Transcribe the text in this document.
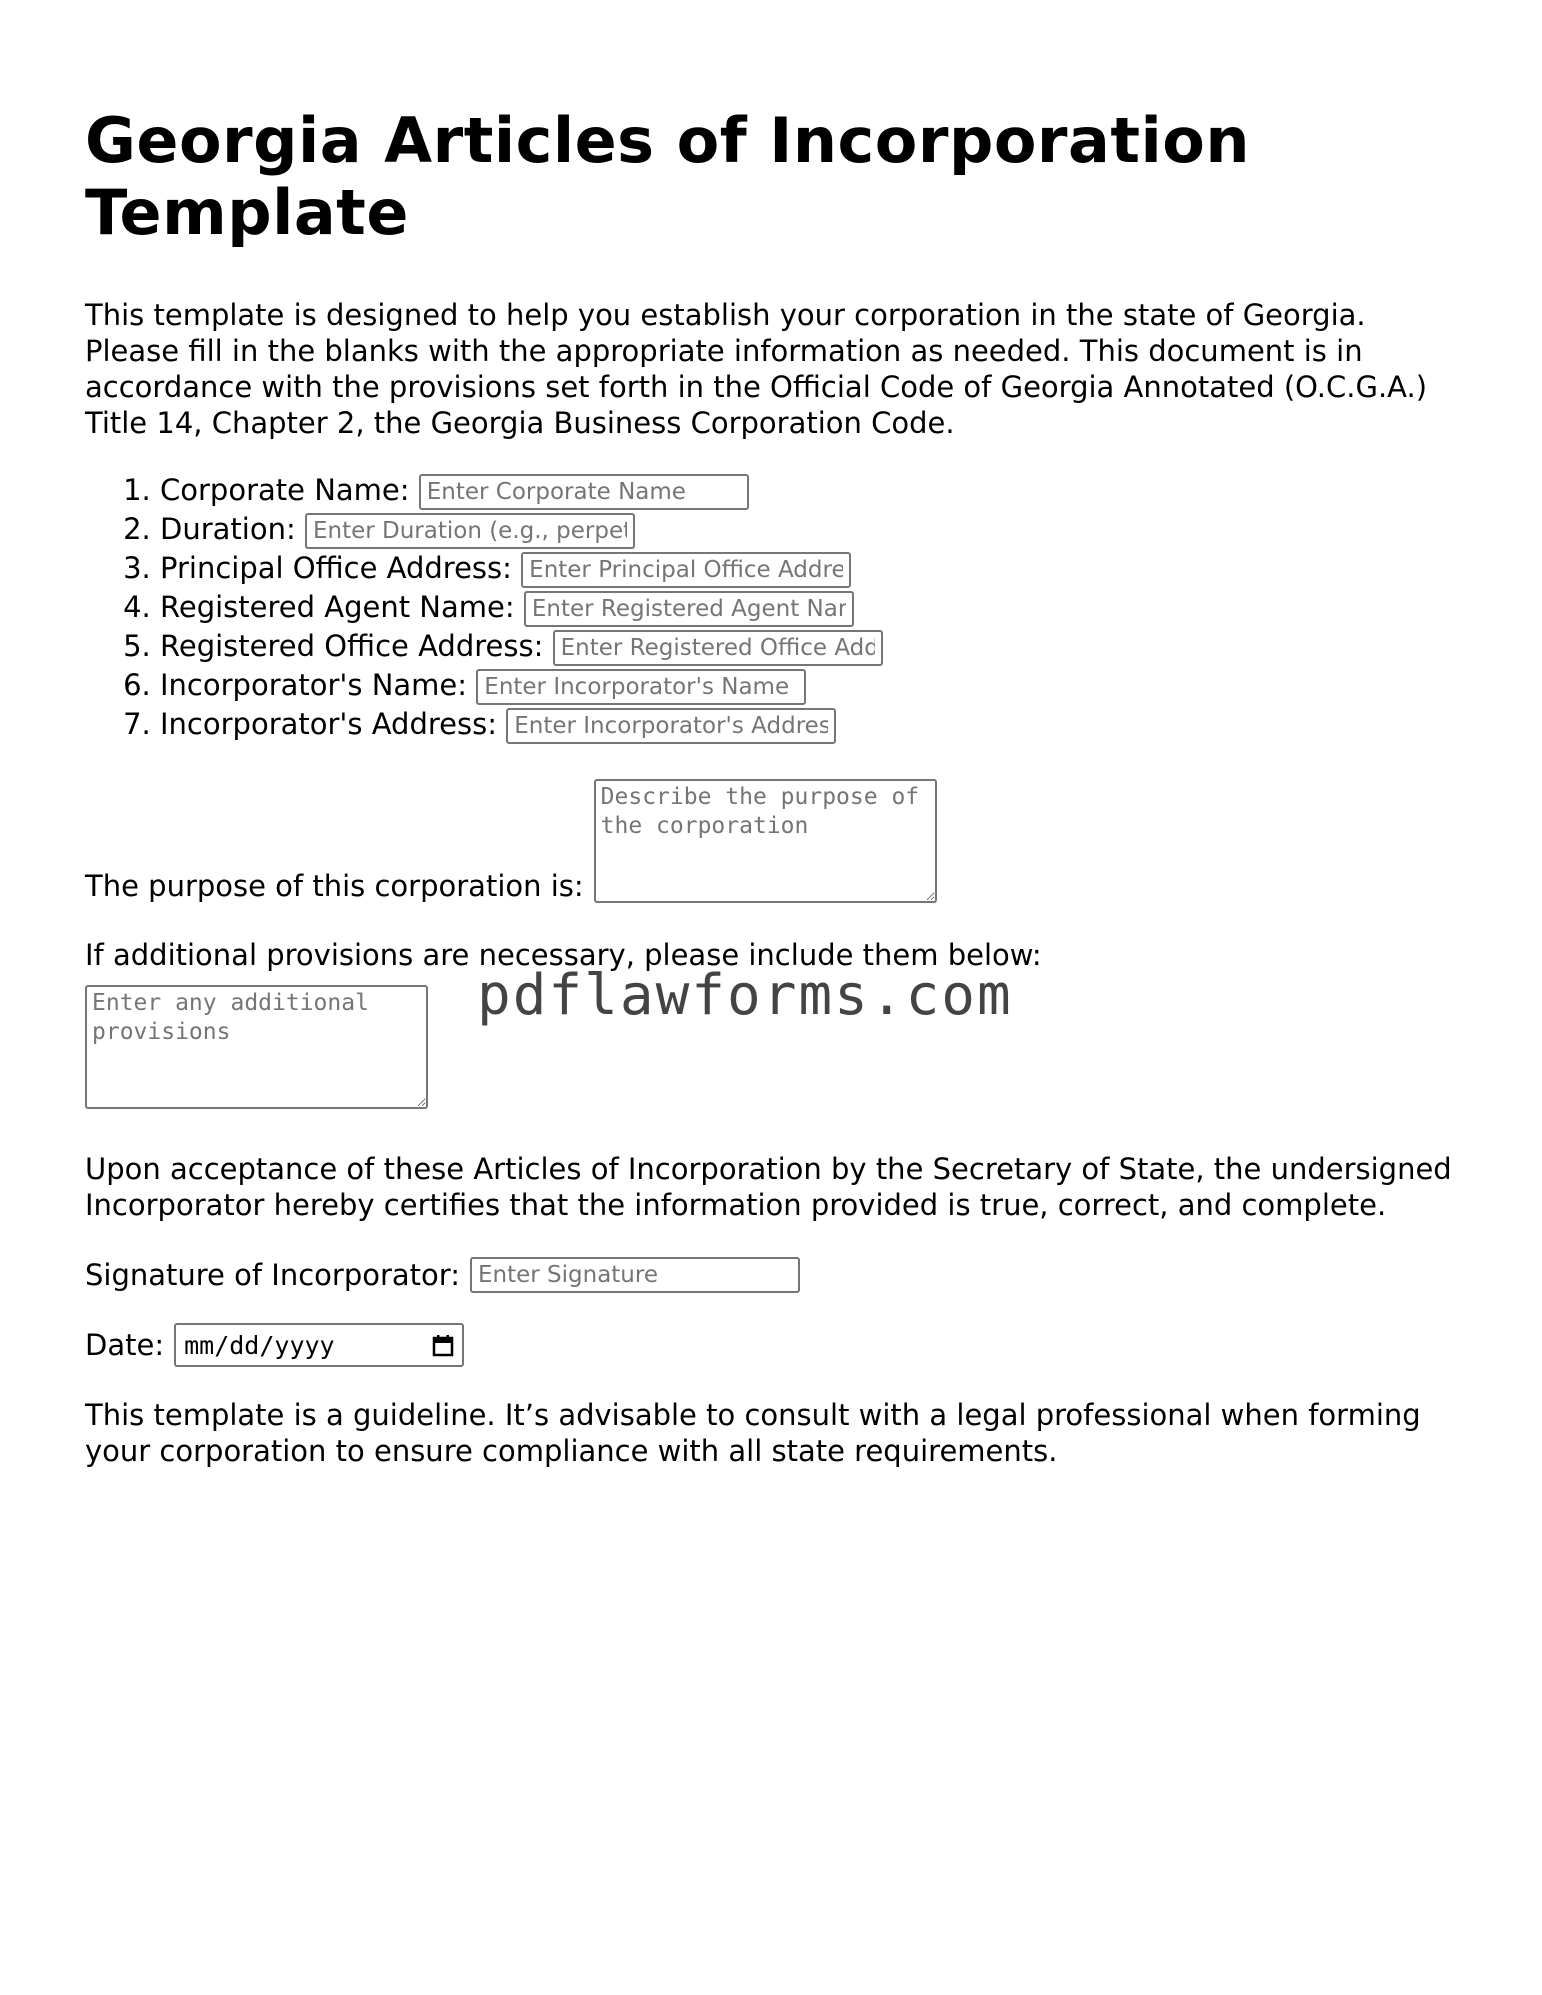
Georgia Articles of Incorporation Template

This template is designed to help you establish your corporation in the state of Georgia. Please fill in the blanks with the appropriate information as needed. This document is in accordance with the provisions set forth in the Official Code of Georgia Annotated (O.C.G.A.) Title 14, Chapter 2, the Georgia Business Corporation Code.

1. Corporate Name: Enter Corporate Name
2. Duration: Enter Duration (e.g., perpetual)
3. Principal Office Address: Enter Principal Office Address
4. Registered Agent Name: Enter Registered Agent Name
5. Registered Office Address: Enter Registered Office Address
6. Incorporator's Name: Enter Incorporator's Name
7. Incorporator's Address: Enter Incorporator's Address
The purpose of this corporation is:
Describe the purpose of the corporation

If additional provisions are necessary, please include them below:

Enter any additional provisions
pdflawforms.com

Upon acceptance of these Articles of Incorporation by the Secretary of State, the undersigned Incorporator hereby certifies that the information provided is true, correct, and complete.

Signature of Incorporator:
Enter Signature
Date: mm/dd/yyyy

This template is a guideline. It’s advisable to consult with a legal professional when forming your corporation to ensure compliance with all state requirements.
